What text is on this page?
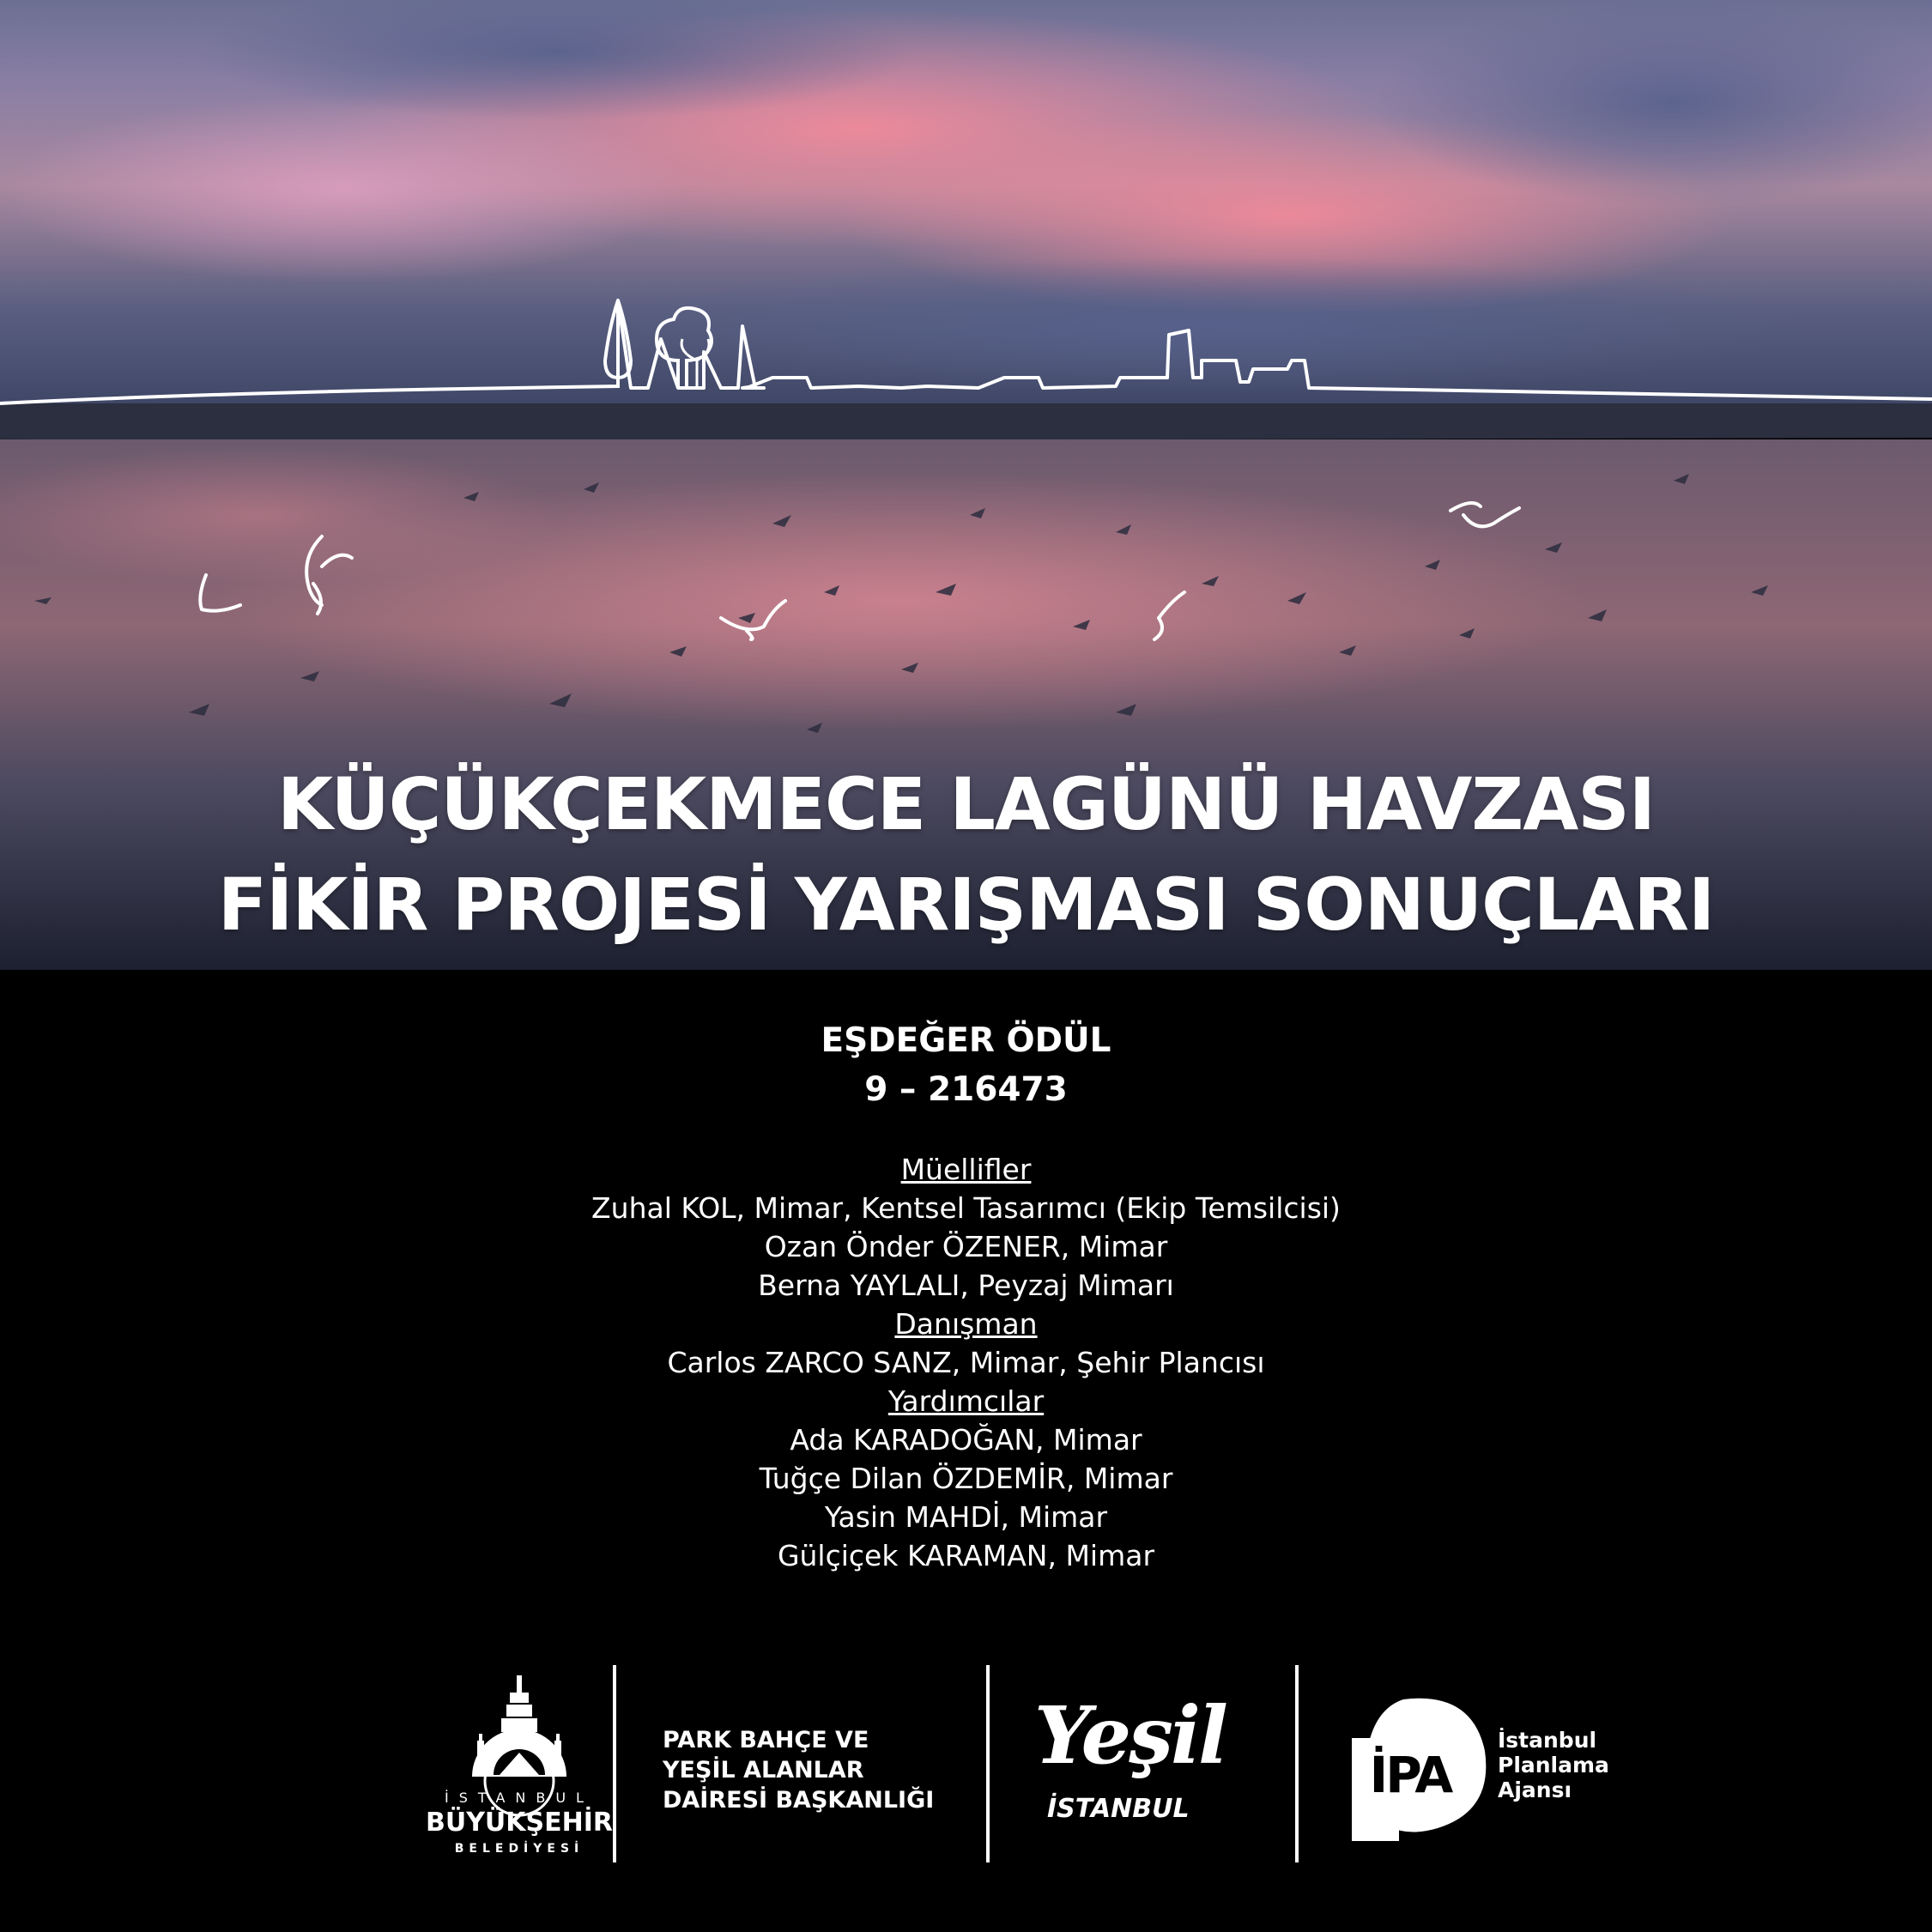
KÜÇÜKÇEKMECE LAGÜNÜ HAVZASI
FİKİR PROJESİ YARIŞMASI SONUÇLARI
EŞDEĞER ÖDÜL
9 – 216473
Müellifler
Zuhal KOL, Mimar, Kentsel Tasarımcı (Ekip Temsilcisi)
Ozan Önder ÖZENER, Mimar
Berna YAYLALI, Peyzaj Mimarı
Danışman
Carlos ZARCO SANZ, Mimar, Şehir Plancısı
Yardımcılar
Ada KARADOĞAN, Mimar
Tuğçe Dilan ÖZDEMİR, Mimar
Yasin MAHDİ, Mimar
Gülçiçek KARAMAN, Mimar
İSTANBUL
BÜYÜKŞEHİR
BELEDİYESİ
PARK BAHÇE VE
YEŞİL ALANLAR
DAİRESİ BAŞKANLIĞI
Yeşil
İSTANBUL
İPA
İstanbul
Planlama
Ajansı
